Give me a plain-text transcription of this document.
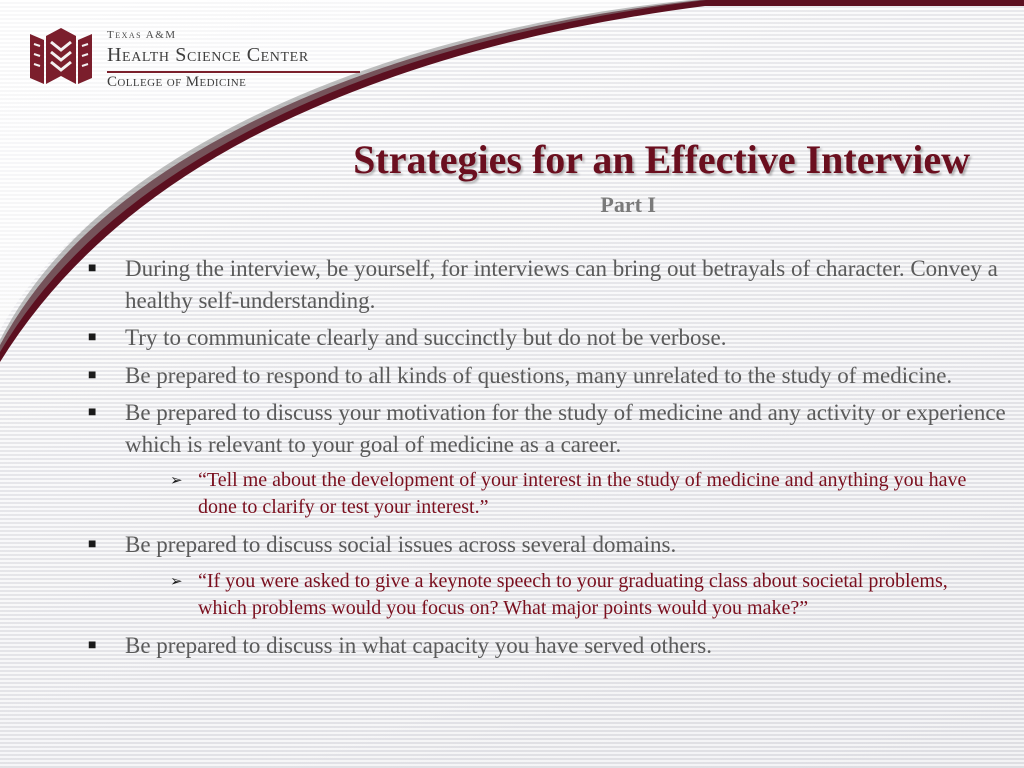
Texas A&M
Health Science Center
College of Medicine
Strategies for an Effective Interview
Part I
■ During the interview, be yourself, for interviews can bring out betrayals of character. Convey a healthy self-understanding.
■ Try to communicate clearly and succinctly but do not be verbose.
■ Be prepared to respond to all kinds of questions, many unrelated to the study of medicine.
■ Be prepared to discuss your motivation for the study of medicine and any activity or experience which is relevant to your goal of medicine as a career.
➢ “Tell me about the development of your interest in the study of medicine and anything you have done to clarify or test your interest.”
■ Be prepared to discuss social issues across several domains.
➢ “If you were asked to give a keynote speech to your graduating class about societal problems, which problems would you focus on? What major points would you make?”
■ Be prepared to discuss in what capacity you have served others.
